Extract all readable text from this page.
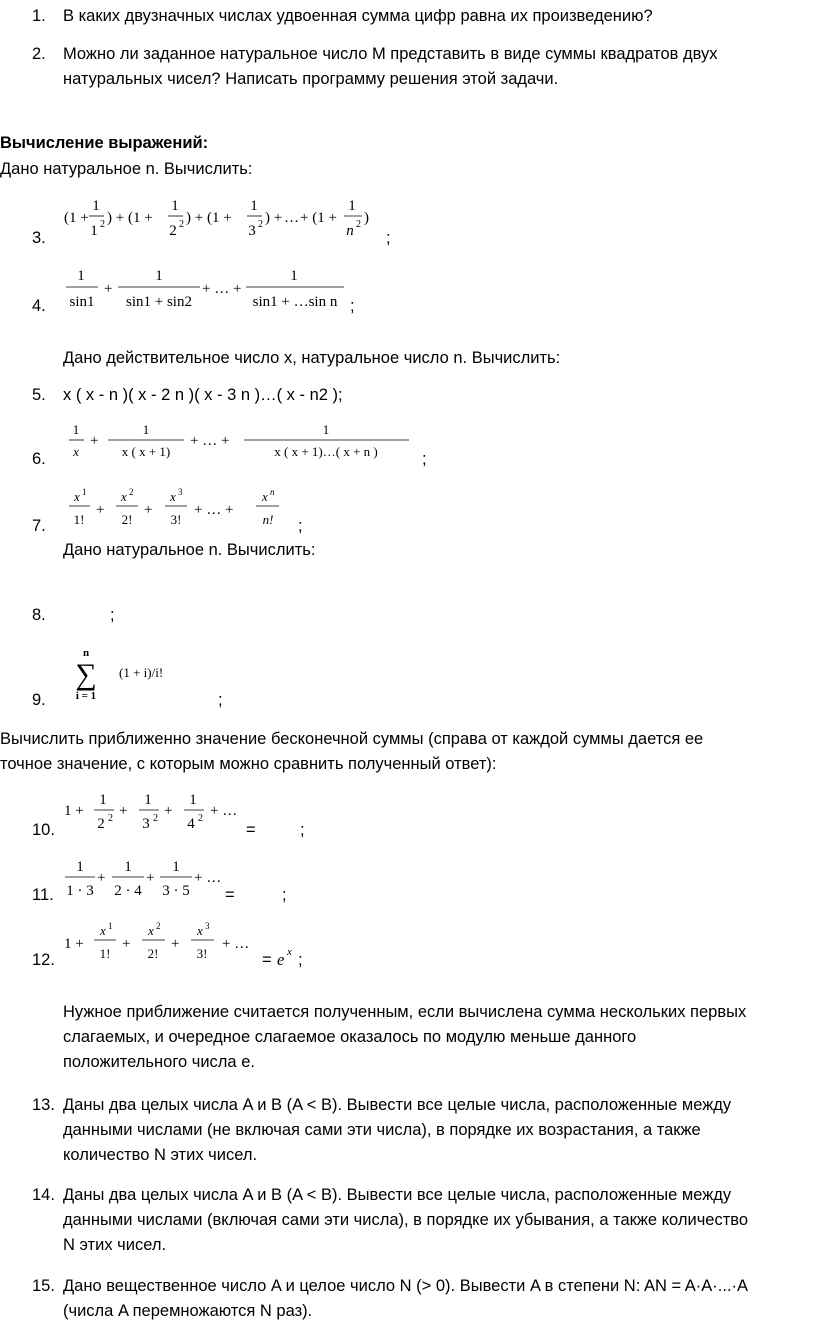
1. В каких двузначных числах удвоенная сумма цифр равна их произведению?
2. Можно ли заданное натуральное число М представить в виде суммы квадратов двух
натуральных чисел? Написать программу решения этой задачи.
Вычисление выражений:
Дано натуральное n. Вычислить:
3.
(1 +
1
1 2 ) + (1 +
1
2 2 ) + (1 +
1
3 2 ) + … + (1 +
1
n 2 )
;
4.
1
sin1
+
1
sin1 + sin2
+ … +
1
sin1 + …sin n ;
Дано действительное число x, натуральное число n. Вычислить:
5. x ( x - n )( x - 2 n )( x - 3 n )…( x - n2 );
6.
1
x
+
1
x ( x + 1)
+ … +
1
x ( x + 1)…( x + n )	;
7.
x 1
1!
+
x 2
2!
+
x 3
3!
+ … +
x n
n! ;
Дано натуральное n. Вычислить:
8.	;
9.
n
∑
i = 1
(1 + i)/i!
;
Вычислить приближенно значение бесконечной суммы (справа от каждой суммы дается ее
точное значение, с которым можно сравнить полученный ответ):
10.
1 +
1
2 2 +
1
3 2 +
1
4 2 + …
=	;
11.
1
1 · 3
+
1
2 · 4
+
1
3 · 5
+ …
=	;
12.
1 +
x 1
1!
+
x 2
2!
+
x 3
3!
+ …
= e x ;
Нужное приближение считается полученным, если вычислена сумма нескольких первых
слагаемых, и очередное слагаемое оказалось по модулю меньше данного
положительного числа e.
13. Даны два целых числа A и B (A < B). Вывести все целые числа, расположенные между
данными числами (не включая сами эти числа), в порядке их возрастания, а также
количество N этих чисел.
14. Даны два целых числа A и B (A < B). Вывести все целые числа, расположенные между
данными числами (включая сами эти числа), в порядке их убывания, а также количество
N этих чисел.
15. Дано вещественное число A и целое число N (> 0). Вывести A в степени N: AN = A·A·...·A
(числа A перемножаются N раз).
